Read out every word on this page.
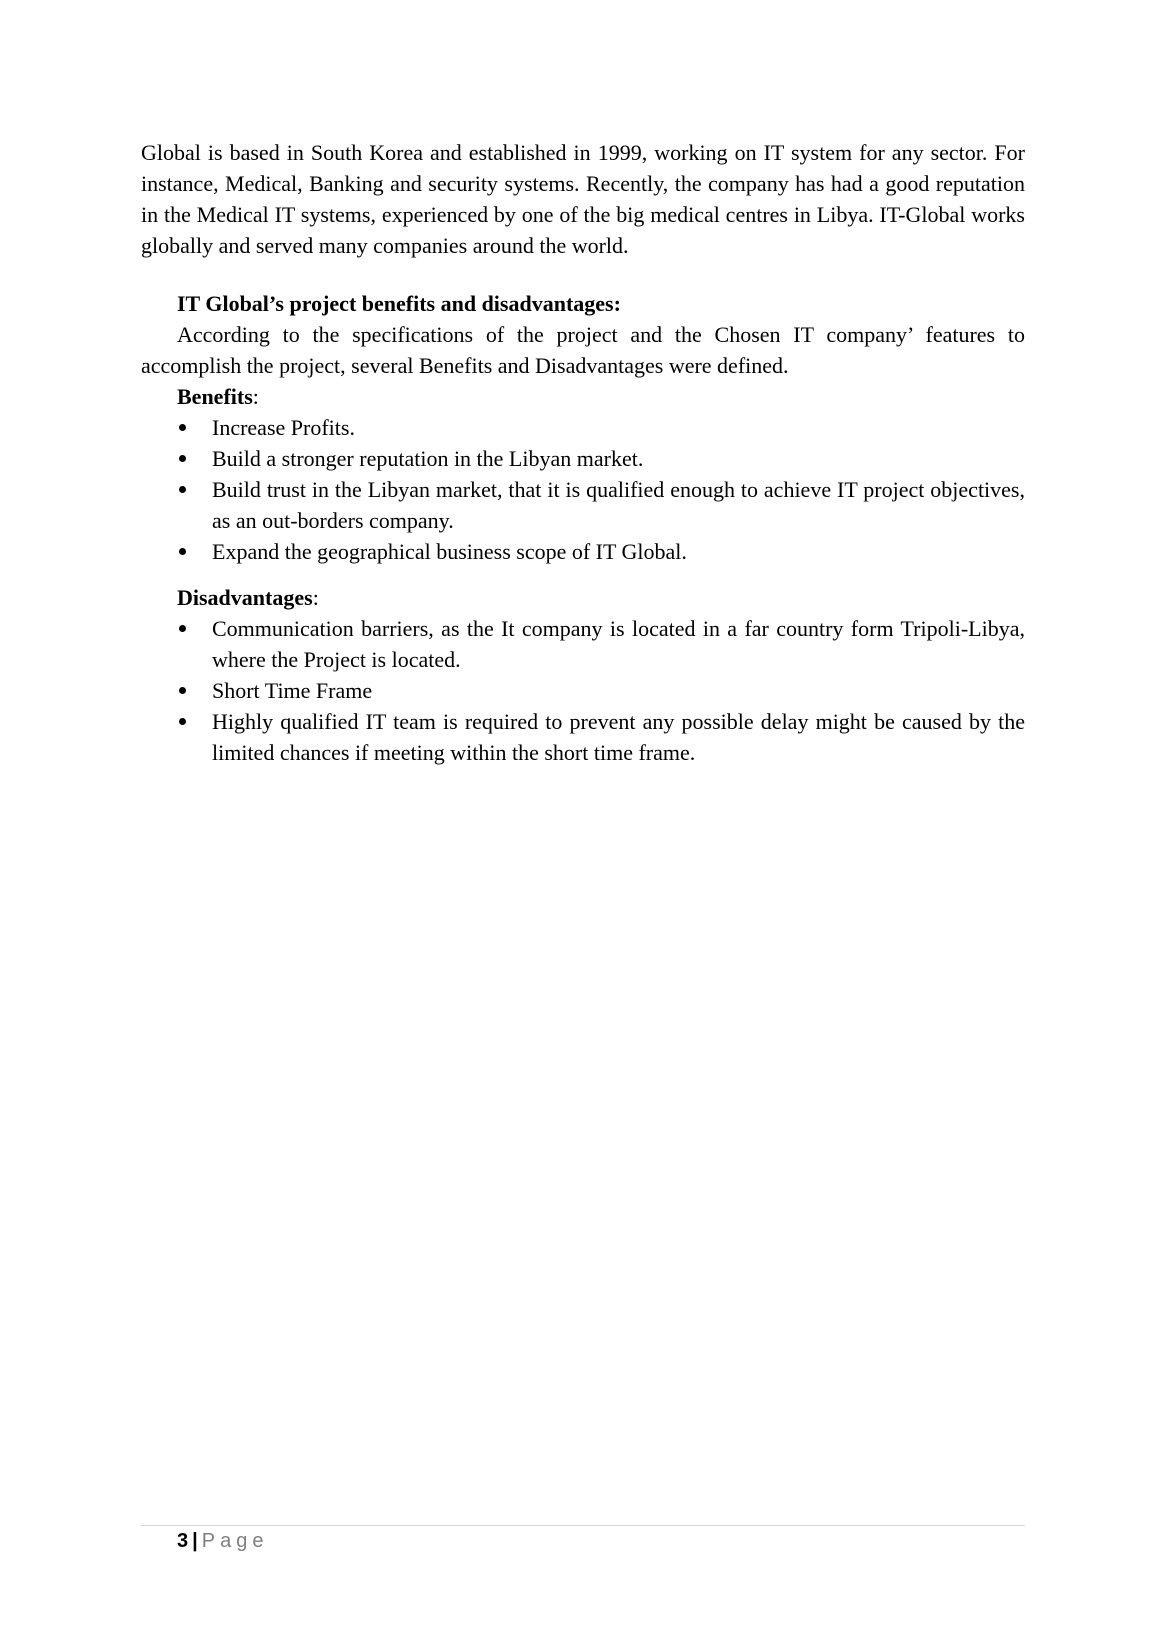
Global is based in South Korea and established in 1999, working on IT system for any sector. For instance, Medical, Banking and security systems. Recently, the company has had a good reputation in the Medical IT systems, experienced by one of the big medical centres in Libya. IT-Global works globally and served many companies around the world.

IT Global’s project benefits and disadvantages:

According to the specifications of the project and the Chosen IT company’ features to accomplish the project, several Benefits and Disadvantages were defined.

Benefits:

Increase Profits.
Build a stronger reputation in the Libyan market.
Build trust in the Libyan market, that it is qualified enough to achieve IT project objectives, as an out-borders company.
Expand the geographical business scope of IT Global.

Disadvantages:

Communication barriers, as the It company is located in a far country form Tripoli-Libya, where the Project is located.
Short Time Frame
Highly qualified IT team is required to prevent any possible delay might be caused by the limited chances if meeting within the short time frame.
3 | Page
